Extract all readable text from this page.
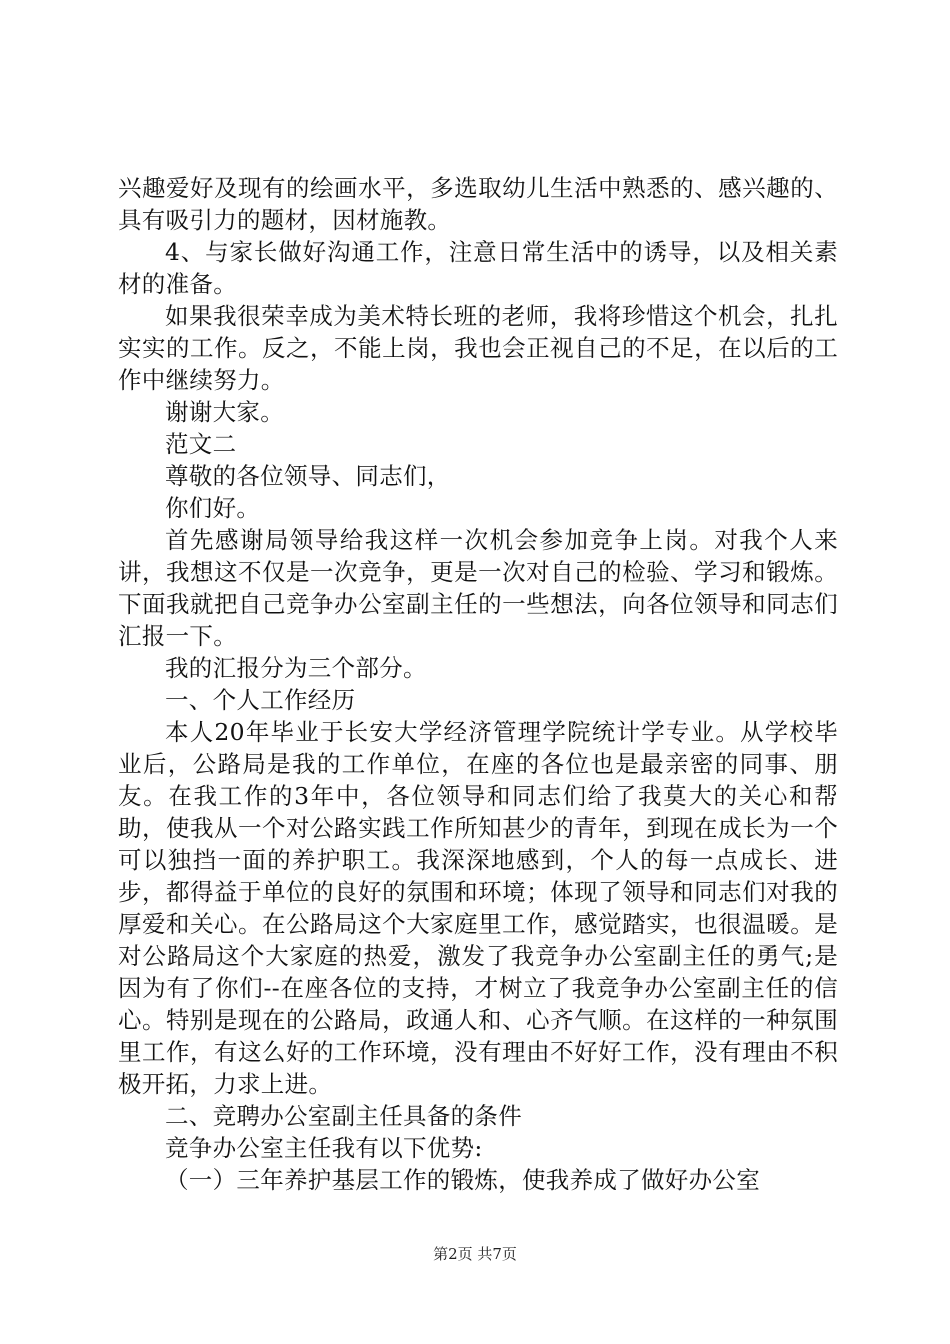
兴趣爱好及现有的绘画水平，多选取幼儿生活中熟悉的、感兴趣的、具有吸引力的题材，因材施教。

4、与家长做好沟通工作，注意日常生活中的诱导，以及相关素材的准备。

如果我很荣幸成为美术特长班的老师，我将珍惜这个机会，扎扎实实的工作。反之，不能上岗，我也会正视自己的不足，在以后的工作中继续努力。

谢谢大家。

范文二

尊敬的各位领导、同志们，

你们好。

首先感谢局领导给我这样一次机会参加竞争上岗。对我个人来讲，我想这不仅是一次竞争，更是一次对自己的检验、学习和锻炼。下面我就把自己竞争办公室副主任的一些想法，向各位领导和同志们汇报一下。

我的汇报分为三个部分。

一、个人工作经历

本人20年毕业于长安大学经济管理学院统计学专业。从学校毕业后，公路局是我的工作单位，在座的各位也是最亲密的同事、朋友。在我工作的3年中，各位领导和同志们给了我莫大的关心和帮助，使我从一个对公路实践工作所知甚少的青年，到现在成长为一个可以独挡一面的养护职工。我深深地感到，个人的每一点成长、进步，都得益于单位的良好的氛围和环境；体现了领导和同志们对我的厚爱和关心。在公路局这个大家庭里工作，感觉踏实，也很温暖。是对公路局这个大家庭的热爱，激发了我竞争办公室副主任的勇气;是因为有了你们--在座各位的支持，才树立了我竞争办公室副主任的信心。特别是现在的公路局，政通人和、心齐气顺。在这样的一种氛围里工作，有这么好的工作环境，没有理由不好好工作，没有理由不积极开拓，力求上进。

二、竞聘办公室副主任具备的条件

竞争办公室主任我有以下优势:

（一）三年养护基层工作的锻炼，使我养成了做好办公室

第2页 共7页
